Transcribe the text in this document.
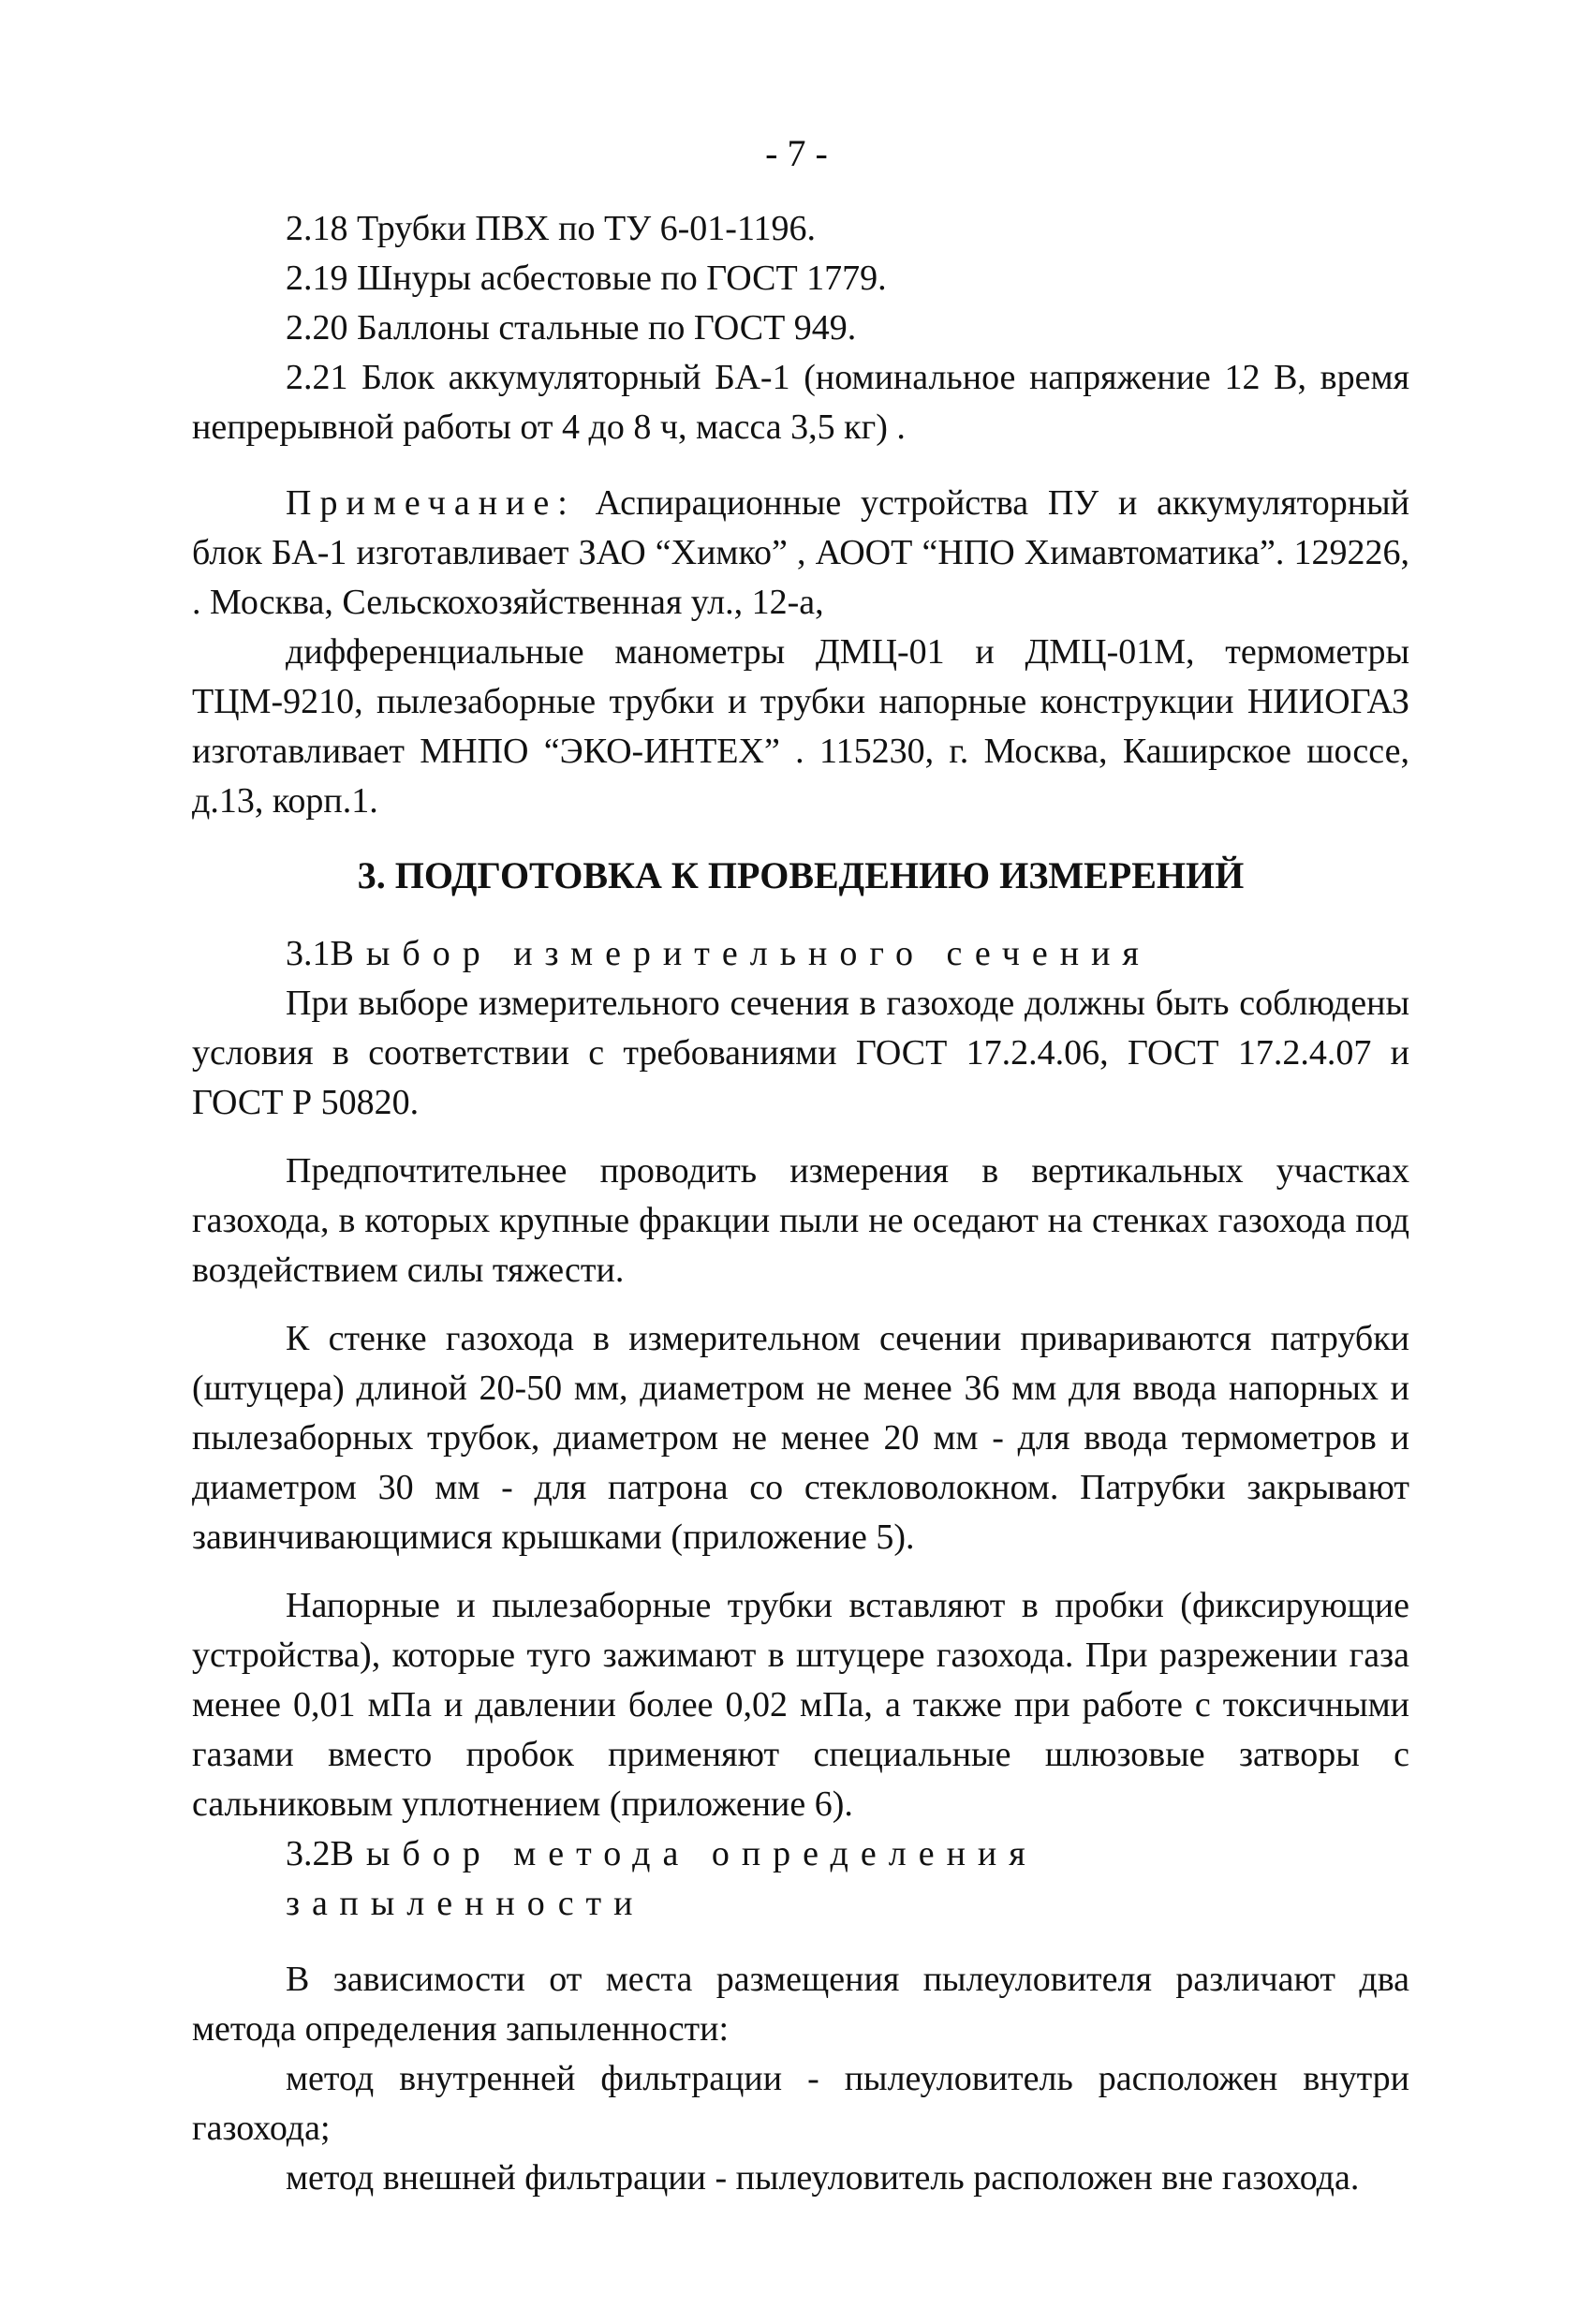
- 7 -

2.18 Трубки ПВХ по ТУ 6-01-1196.

2.19 Шнуры асбестовые по ГОСТ 1779.

2.20 Баллоны стальные по ГОСТ 949.

2.21 Блок аккумуляторный БА-1 (номинальное напряжение 12 В, время непрерывной работы от 4 до 8 ч, масса 3,5 кг) .

Примечание: Аспирационные устройства ПУ и аккумуляторный блок БА-1 изготавливает ЗАО “Химко” , АООТ “НПО Химавтоматика”. 129226, . Москва, Сельскохозяйственная ул., 12-а,

дифференциальные манометры ДМЦ-01 и ДМЦ-01М, термометры ТЦМ-9210, пылезаборные трубки и трубки напорные конструкции НИИОГАЗ изготавливает МНПО “ЭКО-ИНТЕХ” . 115230, г. Москва, Каширское шоссе, д.13, корп.1.

3. ПОДГОТОВКА К ПРОВЕДЕНИЮ ИЗМЕРЕНИЙ

3.1Выбор измерительного сечения

При выборе измерительного сечения в газоходе должны быть соблюдены условия в соответствии с требованиями ГОСТ 17.2.4.06, ГОСТ 17.2.4.07 и ГОСТ Р 50820.

Предпочтительнее проводить измерения в вертикальных участках газохода, в которых крупные фракции пыли не оседают на стенках газохода под воздействием силы тяжести.

К стенке газохода в измерительном сечении привариваются патрубки (штуцера) длиной 20-50 мм, диаметром не менее 36 мм для ввода напорных и пылезаборных трубок, диаметром не менее 20 мм - для ввода термометров и диаметром 30 мм - для патрона со стекловолокном. Патрубки закрывают завинчивающимися крышками (приложение 5).

Напорные и пылезаборные трубки вставляют в пробки (фиксирующие устройства), которые туго зажимают в штуцере газохода. При разрежении газа менее 0,01 мПа и давлении более 0,02 мПа, а также при работе с токсичными газами вместо пробок применяют специальные шлюзовые затворы с сальниковым уплотнением (приложение 6).

3.2Выбор метода определения запыленности

В зависимости от места размещения пылеуловителя различают два метода определения запыленности:

метод внутренней фильтрации - пылеуловитель расположен внутри газохода;

метод внешней фильтрации - пылеуловитель расположен вне газохода.
